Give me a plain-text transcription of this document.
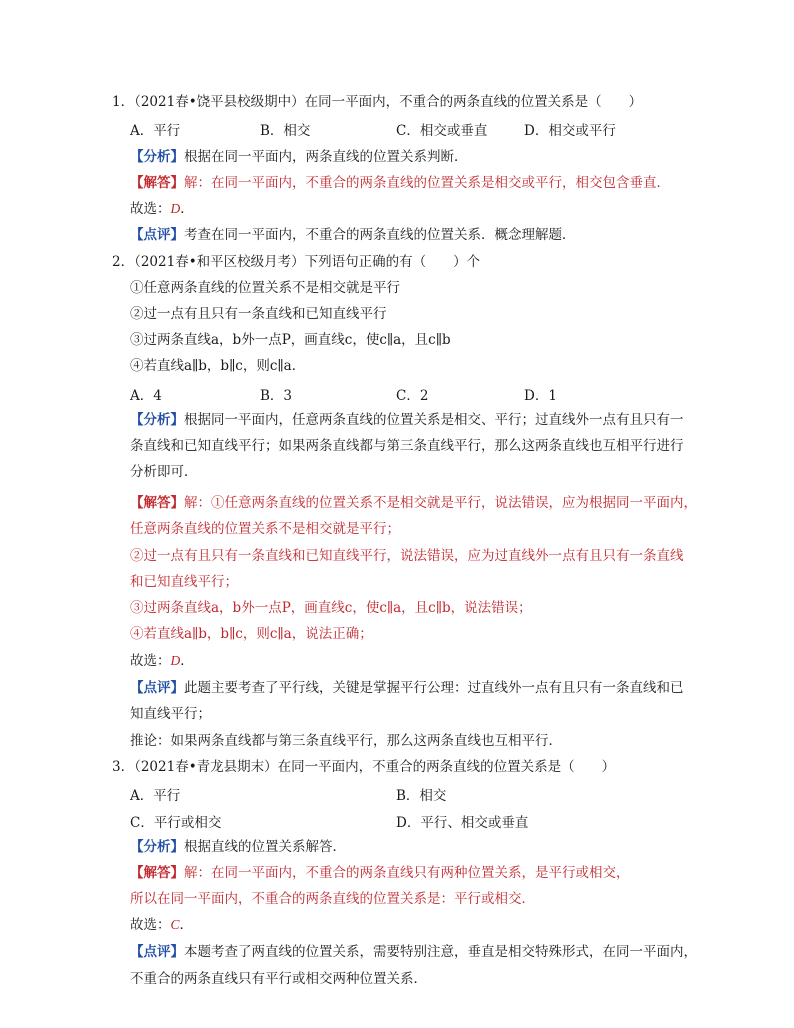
1．（2021春•饶平县校级期中）在同一平面内，不重合的两条直线的位置关系是（　　）
A．平行	B．相交	C．相交或垂直	D．相交或平行
【分析】根据在同一平面内，两条直线的位置关系判断．
【解答】解：在同一平面内，不重合的两条直线的位置关系是相交或平行，相交包含垂直．
故选：D．
【点评】考查在同一平面内，不重合的两条直线的位置关系．概念理解题．
2．（2021春•和平区校级月考）下列语句正确的有（　　）个
①任意两条直线的位置关系不是相交就是平行
②过一点有且只有一条直线和已知直线平行
③过两条直线a，b外一点P，画直线c，使c∥a，且c∥b
④若直线a∥b，b∥c，则c∥a．
A．4	B．3	C．2	D．1
【分析】根据同一平面内，任意两条直线的位置关系是相交、平行；过直线外一点有且只有一
条直线和已知直线平行；如果两条直线都与第三条直线平行，那么这两条直线也互相平行进行
分析即可．
【解答】解：①任意两条直线的位置关系不是相交就是平行，说法错误，应为根据同一平面内，
任意两条直线的位置关系不是相交就是平行；
②过一点有且只有一条直线和已知直线平行，说法错误，应为过直线外一点有且只有一条直线
和已知直线平行；
③过两条直线a，b外一点P，画直线c，使c∥a，且c∥b，说法错误；
④若直线a∥b，b∥c，则c∥a，说法正确；
故选：D．
【点评】此题主要考查了平行线，关键是掌握平行公理：过直线外一点有且只有一条直线和已
知直线平行；
推论：如果两条直线都与第三条直线平行，那么这两条直线也互相平行．
3．（2021春•青龙县期末）在同一平面内，不重合的两条直线的位置关系是（　　）
A．平行	B．相交
C．平行或相交	D．平行、相交或垂直
【分析】根据直线的位置关系解答．
【解答】解：在同一平面内，不重合的两条直线只有两种位置关系，是平行或相交，
所以在同一平面内，不重合的两条直线的位置关系是：平行或相交．
故选：C．
【点评】本题考查了两直线的位置关系，需要特别注意，垂直是相交特殊形式，在同一平面内，
不重合的两条直线只有平行或相交两种位置关系．
